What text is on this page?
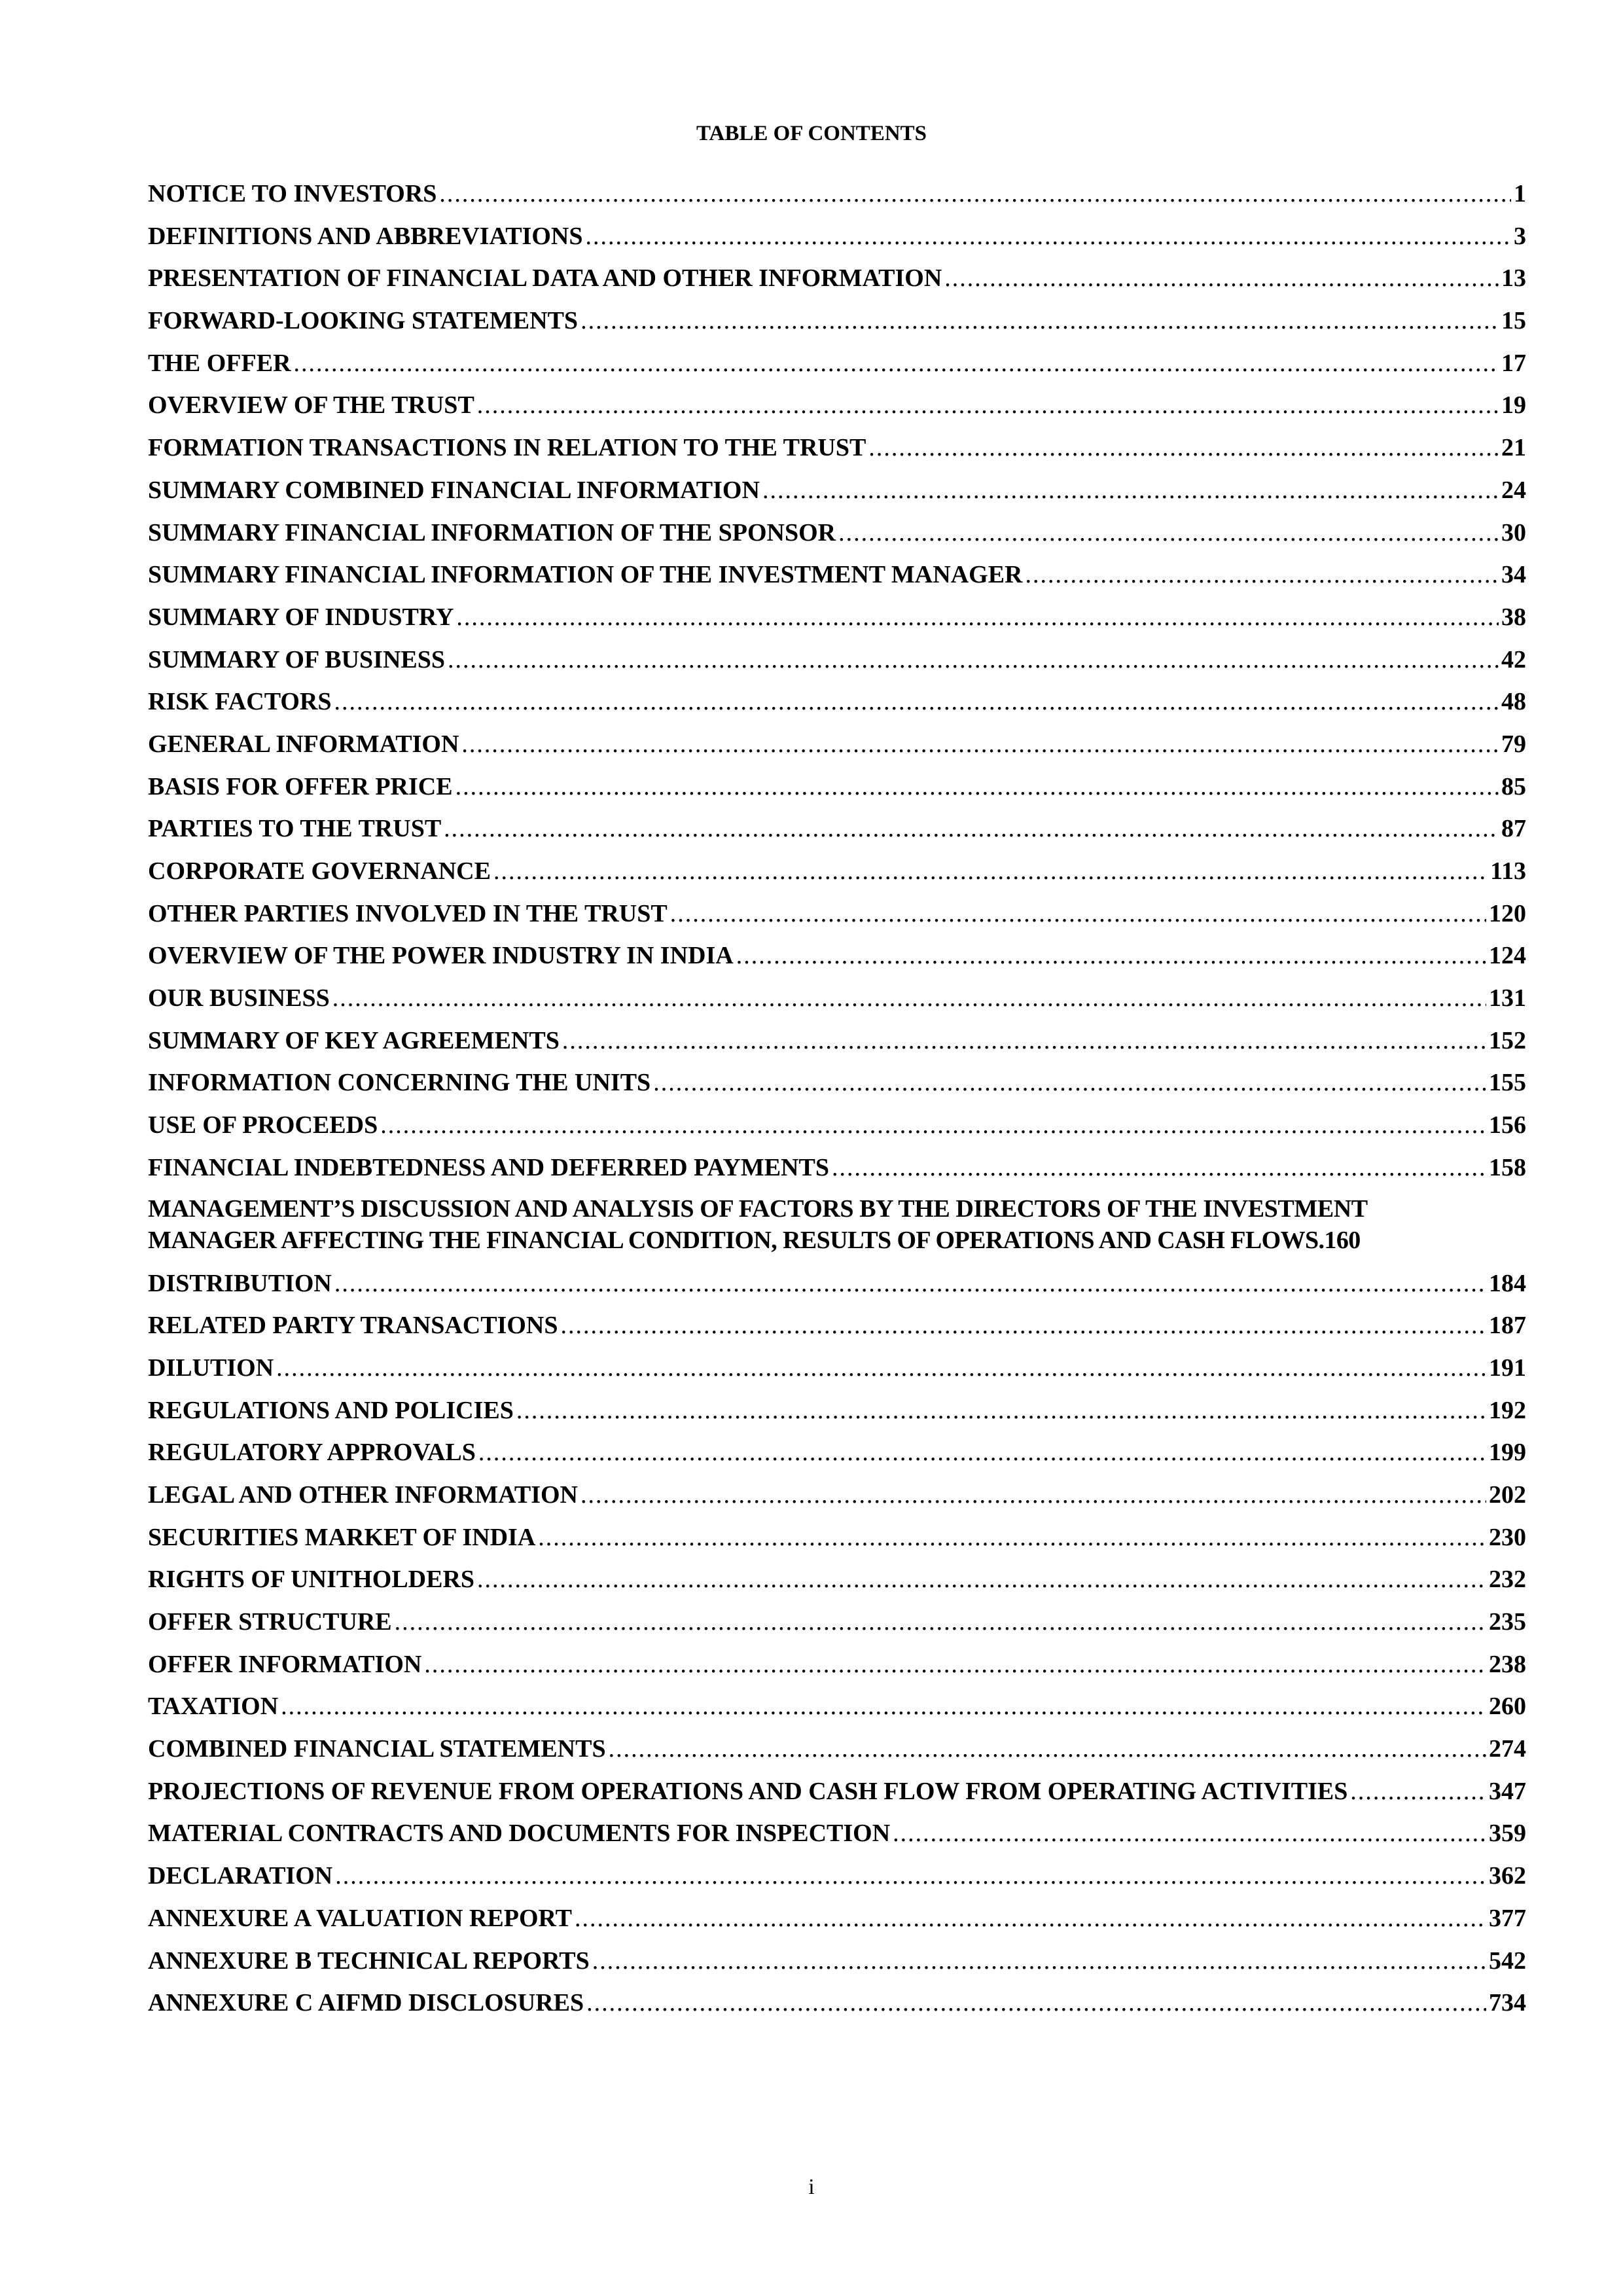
TABLE OF CONTENTS
NOTICE TO INVESTORS .....	1
DEFINITIONS AND ABBREVIATIONS .....	3
PRESENTATION OF FINANCIAL DATA AND OTHER INFORMATION .....	13
FORWARD-LOOKING STATEMENTS .....	15
THE OFFER .....	17
OVERVIEW OF THE TRUST .....	19
FORMATION TRANSACTIONS IN RELATION TO THE TRUST .....	21
SUMMARY COMBINED FINANCIAL INFORMATION .....	24
SUMMARY FINANCIAL INFORMATION OF THE SPONSOR .....	30
SUMMARY FINANCIAL INFORMATION OF THE INVESTMENT MANAGER .....	34
SUMMARY OF INDUSTRY .....	38
SUMMARY OF BUSINESS .....	42
RISK FACTORS .....	48
GENERAL INFORMATION .....	79
BASIS FOR OFFER PRICE .....	85
PARTIES TO THE TRUST .....	87
CORPORATE GOVERNANCE .....	113
OTHER PARTIES INVOLVED IN THE TRUST .....	120
OVERVIEW OF THE POWER INDUSTRY IN INDIA .....	124
OUR BUSINESS .....	131
SUMMARY OF KEY AGREEMENTS .....	152
INFORMATION CONCERNING THE UNITS .....	155
USE OF PROCEEDS .....	156
FINANCIAL INDEBTEDNESS AND DEFERRED PAYMENTS .....	158
MANAGEMENT’S DISCUSSION AND ANALYSIS OF FACTORS BY THE DIRECTORS OF THE INVESTMENT
MANAGER AFFECTING THE FINANCIAL CONDITION, RESULTS OF OPERATIONS AND CASH FLOWS. 160
DISTRIBUTION .....	184
RELATED PARTY TRANSACTIONS .....	187
DILUTION .....	191
REGULATIONS AND POLICIES .....	192
REGULATORY APPROVALS .....	199
LEGAL AND OTHER INFORMATION .....	202
SECURITIES MARKET OF INDIA .....	230
RIGHTS OF UNITHOLDERS .....	232
OFFER STRUCTURE .....	235
OFFER INFORMATION .....	238
TAXATION .....	260
COMBINED FINANCIAL STATEMENTS .....	274
PROJECTIONS OF REVENUE FROM OPERATIONS AND CASH FLOW FROM OPERATING ACTIVITIES .....	347
MATERIAL CONTRACTS AND DOCUMENTS FOR INSPECTION .....	359
DECLARATION .....	362
ANNEXURE A VALUATION REPORT .....	377
ANNEXURE B TECHNICAL REPORTS .....	542
ANNEXURE C AIFMD DISCLOSURES .....	734
i
